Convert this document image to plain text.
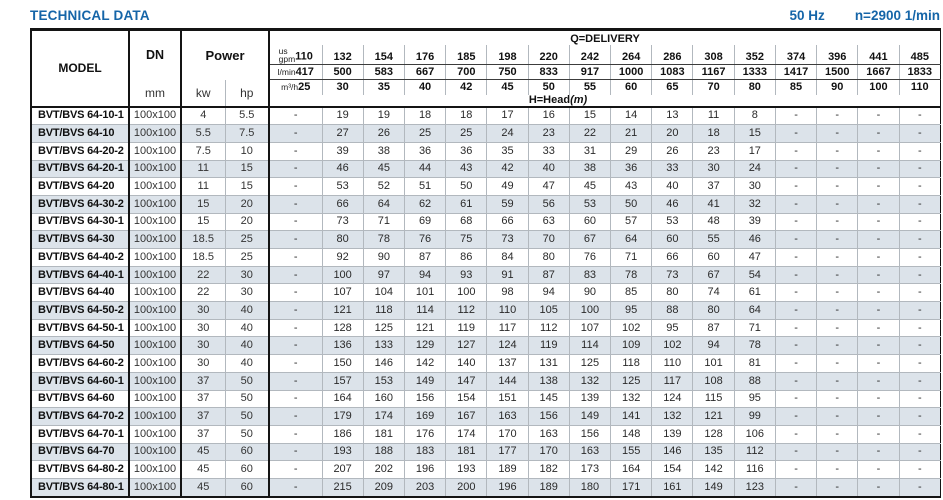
TECHNICAL DATA	50 Hz n=2900 1/min
MODEL	DN	Power		Q=DELIVERY															

				us
gpm 110	132	154	176	185	198	220	242	264	286	308	352	374	396	441	485
				l/min417	500	583	667	700	750	833	917	1000	1083	1167	1333	1417	1500	1667	1833
	mm	kw	hp	m³/h25	30	35	40	42	45	50	55	60	65	70	80	85	90	100	110
				H=Head(m)															
BVT/BVS 64-10-1	100x100	4	5.5	-	19	19	18	18	17	16	15	14	13	11	8	-	-	-	-
BVT/BVS 64-10	100x100	5.5	7.5	-	27	26	25	25	24	23	22	21	20	18	15	-	-	-	-
BVT/BVS 64-20-2	100x100	7.5	10	-	39	38	36	36	35	33	31	29	26	23	17	-	-	-	-
BVT/BVS 64-20-1	100x100	11	15	-	46	45	44	43	42	40	38	36	33	30	24	-	-	-	-
BVT/BVS 64-20	100x100	11	15	-	53	52	51	50	49	47	45	43	40	37	30	-	-	-	-
BVT/BVS 64-30-2	100x100	15	20	-	66	64	62	61	59	56	53	50	46	41	32	-	-	-	-
BVT/BVS 64-30-1	100x100	15	20	-	73	71	69	68	66	63	60	57	53	48	39	-	-	-	-
BVT/BVS 64-30	100x100	18.5	25	-	80	78	76	75	73	70	67	64	60	55	46	-	-	-	-
BVT/BVS 64-40-2	100x100	18.5	25	-	92	90	87	86	84	80	76	71	66	60	47	-	-	-	-
BVT/BVS 64-40-1	100x100	22	30	-	100	97	94	93	91	87	83	78	73	67	54	-	-	-	-
BVT/BVS 64-40	100x100	22	30	-	107	104	101	100	98	94	90	85	80	74	61	-	-	-	-
BVT/BVS 64-50-2	100x100	30	40	-	121	118	114	112	110	105	100	95	88	80	64	-	-	-	-
BVT/BVS 64-50-1	100x100	30	40	-	128	125	121	119	117	112	107	102	95	87	71	-	-	-	-
BVT/BVS 64-50	100x100	30	40	-	136	133	129	127	124	119	114	109	102	94	78	-	-	-	-
BVT/BVS 64-60-2	100x100	30	40	-	150	146	142	140	137	131	125	118	110	101	81	-	-	-	-
BVT/BVS 64-60-1	100x100	37	50	-	157	153	149	147	144	138	132	125	117	108	88	-	-	-	-
BVT/BVS 64-60	100x100	37	50	-	164	160	156	154	151	145	139	132	124	115	95	-	-	-	-
BVT/BVS 64-70-2	100x100	37	50	-	179	174	169	167	163	156	149	141	132	121	99	-	-	-	-
BVT/BVS 64-70-1	100x100	37	50	-	186	181	176	174	170	163	156	148	139	128	106	-	-	-	-
BVT/BVS 64-70	100x100	45	60	-	193	188	183	181	177	170	163	155	146	135	112	-	-	-	-
BVT/BVS 64-80-2	100x100	45	60	-	207	202	196	193	189	182	173	164	154	142	116	-	-	-	-
BVT/BVS 64-80-1	100x100	45	60	-	215	209	203	200	196	189	180	171	161	149	123	-	-	-	-
